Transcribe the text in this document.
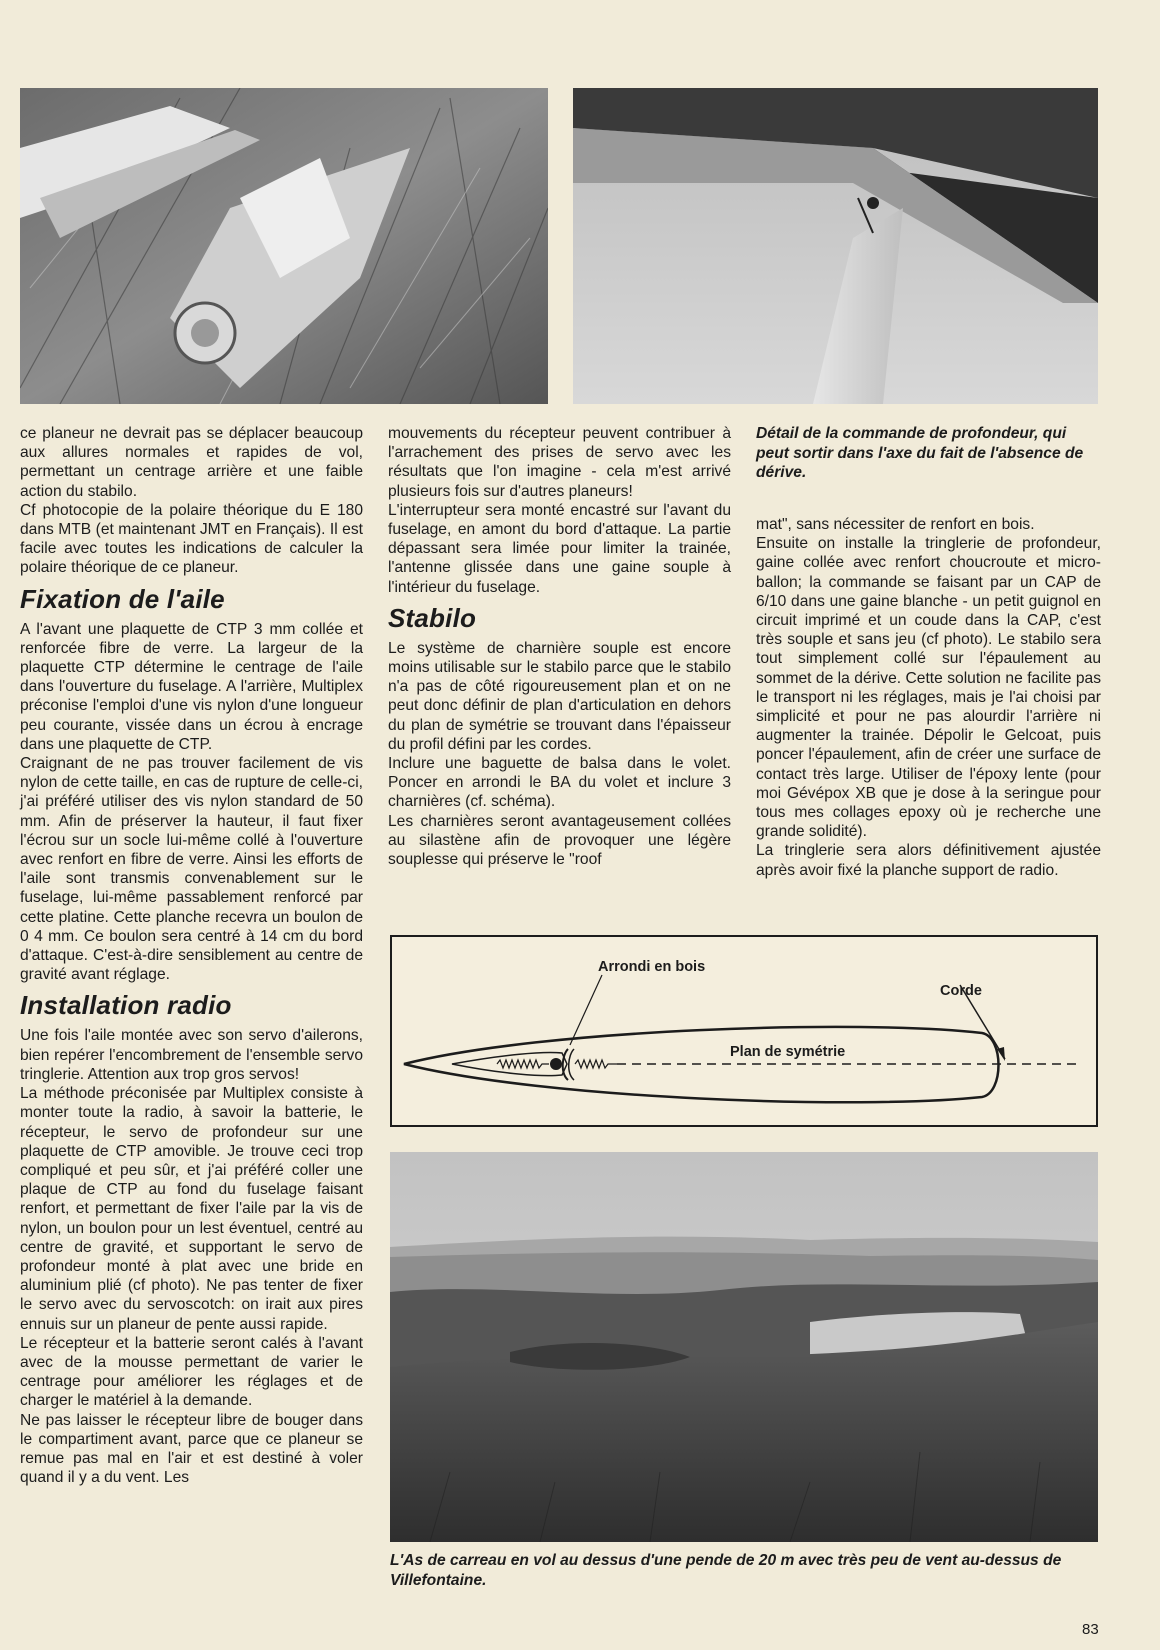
ce planeur ne devrait pas se déplacer beaucoup aux allures normales et rapides de vol, permettant un centrage arrière et une faible action du stabilo.

Cf photocopie de la polaire théorique du E 180 dans MTB (et maintenant JMT en Français). Il est facile avec toutes les indications de calculer la polaire théorique de ce planeur.

Fixation de l'aile

A l'avant une plaquette de CTP 3 mm collée et renforcée fibre de verre. La largeur de la plaquette CTP détermine le centrage de l'aile dans l'ouverture du fuselage. A l'arrière, Multiplex préconise l'emploi d'une vis nylon d'une longueur peu courante, vissée dans un écrou à encrage dans une plaquette de CTP.

Craignant de ne pas trouver facilement de vis nylon de cette taille, en cas de rupture de celle-ci, j'ai préféré utiliser des vis nylon standard de 50 mm. Afin de préserver la hauteur, il faut fixer l'écrou sur un socle lui-même collé à l'ouverture avec renfort en fibre de verre. Ainsi les efforts de l'aile sont transmis convenablement sur le fuselage, lui-même passablement renforcé par cette platine. Cette planche recevra un boulon de 0 4 mm. Ce boulon sera centré à 14 cm du bord d'attaque. C'est-à-dire sensiblement au centre de gravité avant réglage.

Installation radio

Une fois l'aile montée avec son servo d'ailerons, bien repérer l'encombrement de l'ensemble servo tringlerie. Attention aux trop gros servos!

La méthode préconisée par Multiplex consiste à monter toute la radio, à savoir la batterie, le récepteur, le servo de profondeur sur une plaquette de CTP amovible. Je trouve ceci trop compliqué et peu sûr, et j'ai préféré coller une plaque de CTP au fond du fuselage faisant renfort, et permettant de fixer l'aile par la vis de nylon, un boulon pour un lest éventuel, centré au centre de gravité, et supportant le servo de profondeur monté à plat avec une bride en aluminium plié (cf photo). Ne pas tenter de fixer le servo avec du servoscotch: on irait aux pires ennuis sur un planeur de pente aussi rapide.

Le récepteur et la batterie seront calés à l'avant avec de la mousse permettant de varier le centrage pour améliorer les réglages et de charger le matériel à la demande.

Ne pas laisser le récepteur libre de bouger dans le compartiment avant, parce que ce planeur se remue pas mal en l'air et est destiné à voler quand il y a du vent. Les

mouvements du récepteur peuvent contribuer à l'arrachement des prises de servo avec les résultats que l'on imagine - cela m'est arrivé plusieurs fois sur d'autres planeurs!

L'interrupteur sera monté encastré sur l'avant du fuselage, en amont du bord d'attaque. La partie dépassant sera limée pour limiter la trainée, l'antenne glissée dans une gaine souple à l'intérieur du fuselage.

Stabilo

Le système de charnière souple est encore moins utilisable sur le stabilo parce que le stabilo n'a pas de côté rigoureusement plan et on ne peut donc définir de plan d'articulation en dehors du plan de symétrie se trouvant dans l'épaisseur du profil défini par les cordes.

Inclure une baguette de balsa dans le volet. Poncer en arrondi le BA du volet et inclure 3 charnières (cf. schéma).

Les charnières seront avantageusement collées au silastène afin de provoquer une légère souplesse qui préserve le "roof

Détail de la commande de profondeur, qui peut sortir dans l'axe du fait de l'absence de dérive.

mat", sans nécessiter de renfort en bois.

Ensuite on installe la tringlerie de profondeur, gaine collée avec renfort choucroute et micro-ballon; la commande se faisant par un CAP de 6/10 dans une gaine blanche - un petit guignol en circuit imprimé et un coude dans la CAP, c'est très souple et sans jeu (cf photo). Le stabilo sera tout simplement collé sur l'épaulement au sommet de la dérive. Cette solution ne facilite pas le transport ni les réglages, mais je l'ai choisi par simplicité et pour ne pas alourdir l'arrière ni augmenter la trainée. Dépolir le Gelcoat, puis poncer l'épaulement, afin de créer une surface de contact très large. Utiliser de l'époxy lente (pour moi Gévépox XB que je dose à la seringue pour tous mes collages epoxy où je recherche une grande solidité).

La tringlerie sera alors définitivement ajustée après avoir fixé la planche support de radio.

Arrondi en bois
Corde
Plan de symétrie
L'As de carreau en vol au dessus d'une pende de 20 m avec très peu de vent au-dessus de Villefontaine.
83
